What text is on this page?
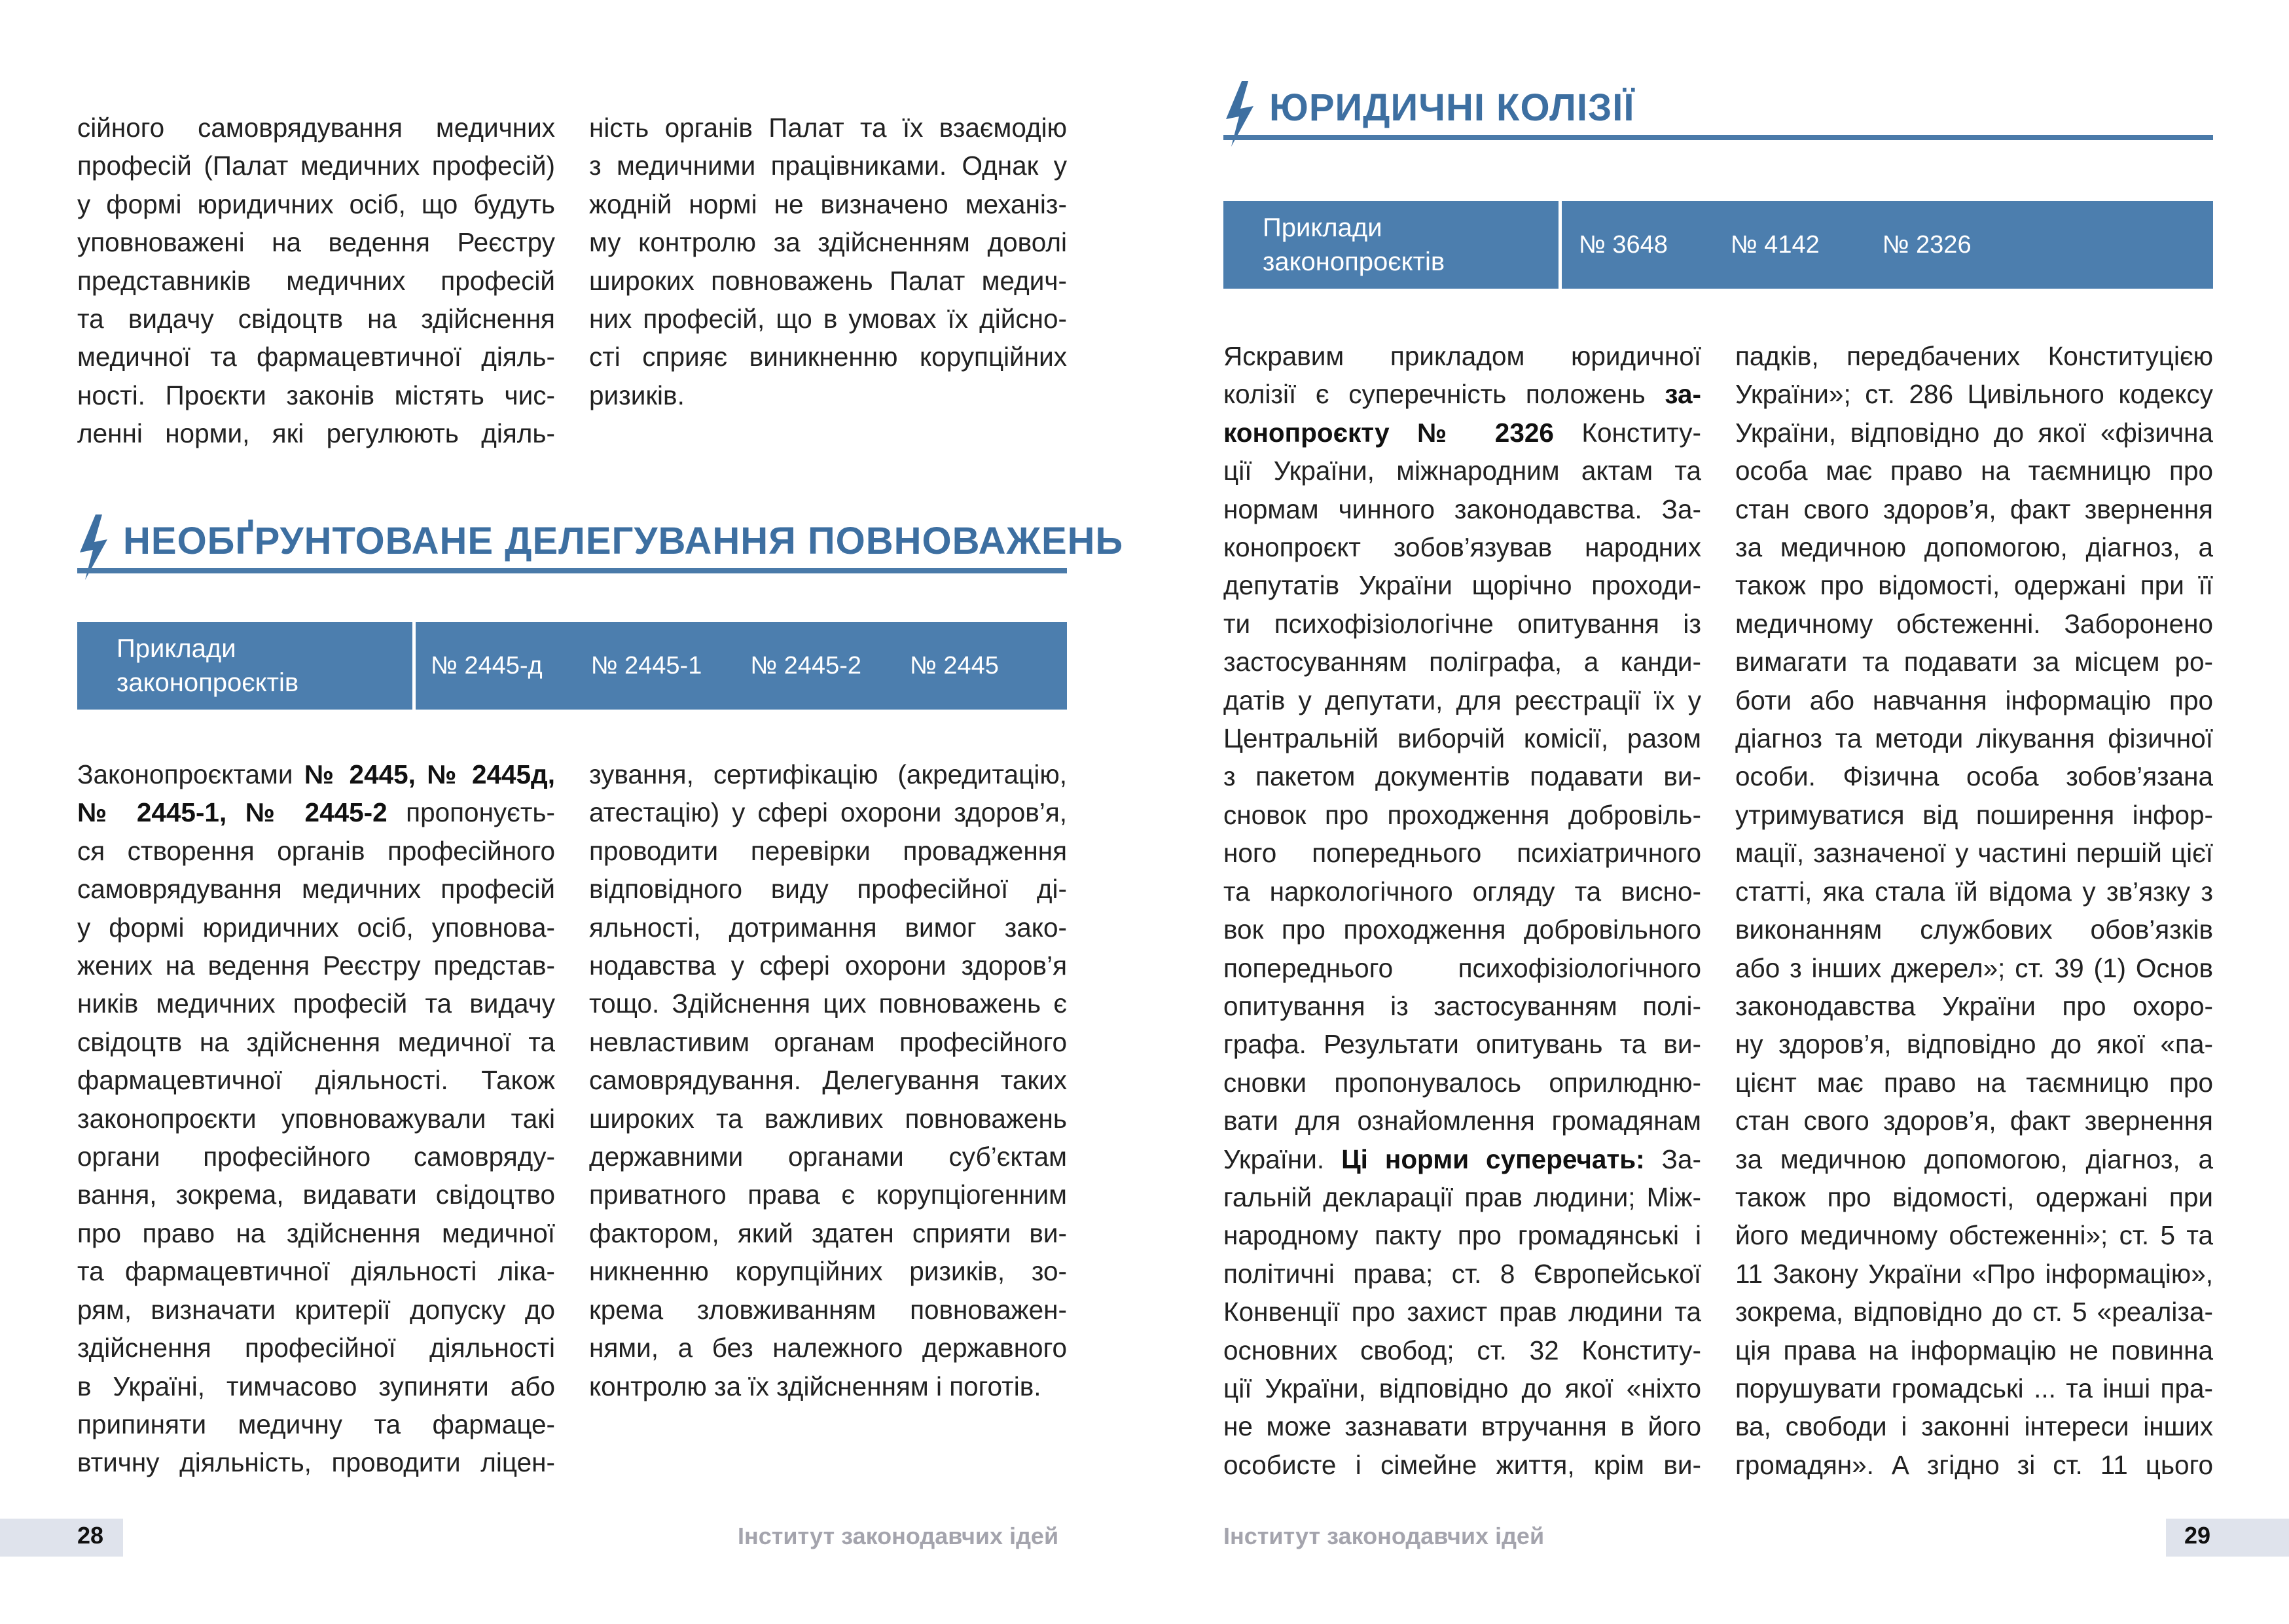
сійного самоврядування медичних
професій (Палат медичних професій)
у формі юридичних осіб, що будуть
уповноважені на ведення Реєстру
представників медичних професій
та видачу свідоцтв на здійснення
медичної та фармацевтичної діяль-
ності. Проєкти законів містять чис-
ленні норми, які регулюють діяль-
ність органів Палат та їх взаємодію
з медичними працівниками. Однак у
жодній нормі не визначено механіз-
му контролю за здійсненням доволі
широких повноважень Палат медич-
них професій, що в умовах їх дійсно-
сті сприяє виникненню корупційних
ризиків.
НЕОБҐРУНТОВАНЕ ДЕЛЕГУВАННЯ ПОВНОВАЖЕНЬ
Приклади
законопроєктів
№ 2445-д № 2445-1 № 2445-2 № 2445
Законопроєктами № 2445, № 2445д,
№ 2445-1, № 2445-2 пропонуєть-
ся створення органів професійного
самоврядування медичних професій
у формі юридичних осіб, уповнова-
жених на ведення Реєстру представ-
ників медичних професій та видачу
свідоцтв на здійснення медичної та
фармацевтичної діяльності. Також
законопроєкти уповноважували такі
органи професійного самовряду-
вання, зокрема, видавати свідоцтво
про право на здійснення медичної
та фармацевтичної діяльності ліка-
рям, визначати критерії допуску до
здійснення професійної діяльності
в Україні, тимчасово зупиняти або
припиняти медичну та фармаце-
втичну діяльність, проводити ліцен-
зування, сертифікацію (акредитацію,
атестацію) у сфері охорони здоров’я,
проводити перевірки провадження
відповідного виду професійної ді-
яльності, дотримання вимог зако-
нодавства у сфері охорони здоров’я
тощо. Здійснення цих повноважень є
невластивим органам професійного
самоврядування. Делегування таких
широких та важливих повноважень
державними органами суб’єктам
приватного права є корупціогенним
фактором, який здатен сприяти ви-
никненню корупційних ризиків, зо-
крема зловживанням повноважен-
нями, а без належного державного
контролю за їх здійсненням і поготів.
28	Інститут законодавчих ідей
ЮРИДИЧНІ КОЛІЗІЇ
Приклади
законопроєктів
№ 3648	№ 4142	№ 2326
Яскравим прикладом юридичної
колізії є суперечність положень за-
конопроєкту № 2326 Конститу-
ції України, міжнародним актам та
нормам чинного законодавства. За-
конопроєкт зобов’язував народних
депутатів України щорічно проходи-
ти психофізіологічне опитування із
застосуванням поліграфа, а канди-
датів у депутати, для реєстрації їх у
Центральній виборчій комісії, разом
з пакетом документів подавати ви-
сновок про проходження добровіль-
ного попереднього психіатричного
та наркологічного огляду та висно-
вок про проходження добровільного
попереднього психофізіологічного
опитування із застосуванням полі-
графа. Результати опитувань та ви-
сновки пропонувалось оприлюдню-
вати для ознайомлення громадянам
України. Ці норми суперечать: За-
гальній декларації прав людини; Між-
народному пакту про громадянські і
політичні права; ст. 8 Європейської
Конвенції про захист прав людини та
основних свобод; ст. 32 Конститу-
ції України, відповідно до якої «ніхто
не може зазнавати втручання в його
особисте і сімейне життя, крім ви-
падків, передбачених Конституцією
України»; ст. 286 Цивільного кодексу
України, відповідно до якої «фізична
особа має право на таємницю про
стан свого здоров’я, факт звернення
за медичною допомогою, діагноз, а
також про відомості, одержані при її
медичному обстеженні. Заборонено
вимагати та подавати за місцем ро-
боти або навчання інформацію про
діагноз та методи лікування фізичної
особи. Фізична особа зобов’язана
утримуватися від поширення інфор-
мації, зазначеної у частині першій цієї
статті, яка стала їй відома у зв’язку з
виконанням службових обов’язків
або з інших джерел»; ст. 39 (1) Основ
законодавства України про охоро-
ну здоров’я, відповідно до якої «па-
цієнт має право на таємницю про
стан свого здоров’я, факт звернення
за медичною допомогою, діагноз, а
також про відомості, одержані при
його медичному обстеженні»; ст. 5 та
11 Закону України «Про інформацію»,
зокрема, відповідно до ст. 5 «реаліза-
ція права на інформацію не повинна
порушувати громадські ... та інші пра-
ва, свободи і законні інтереси інших
громадян». А згідно зі ст. 11 цього
29
Інститут законодавчих ідей
